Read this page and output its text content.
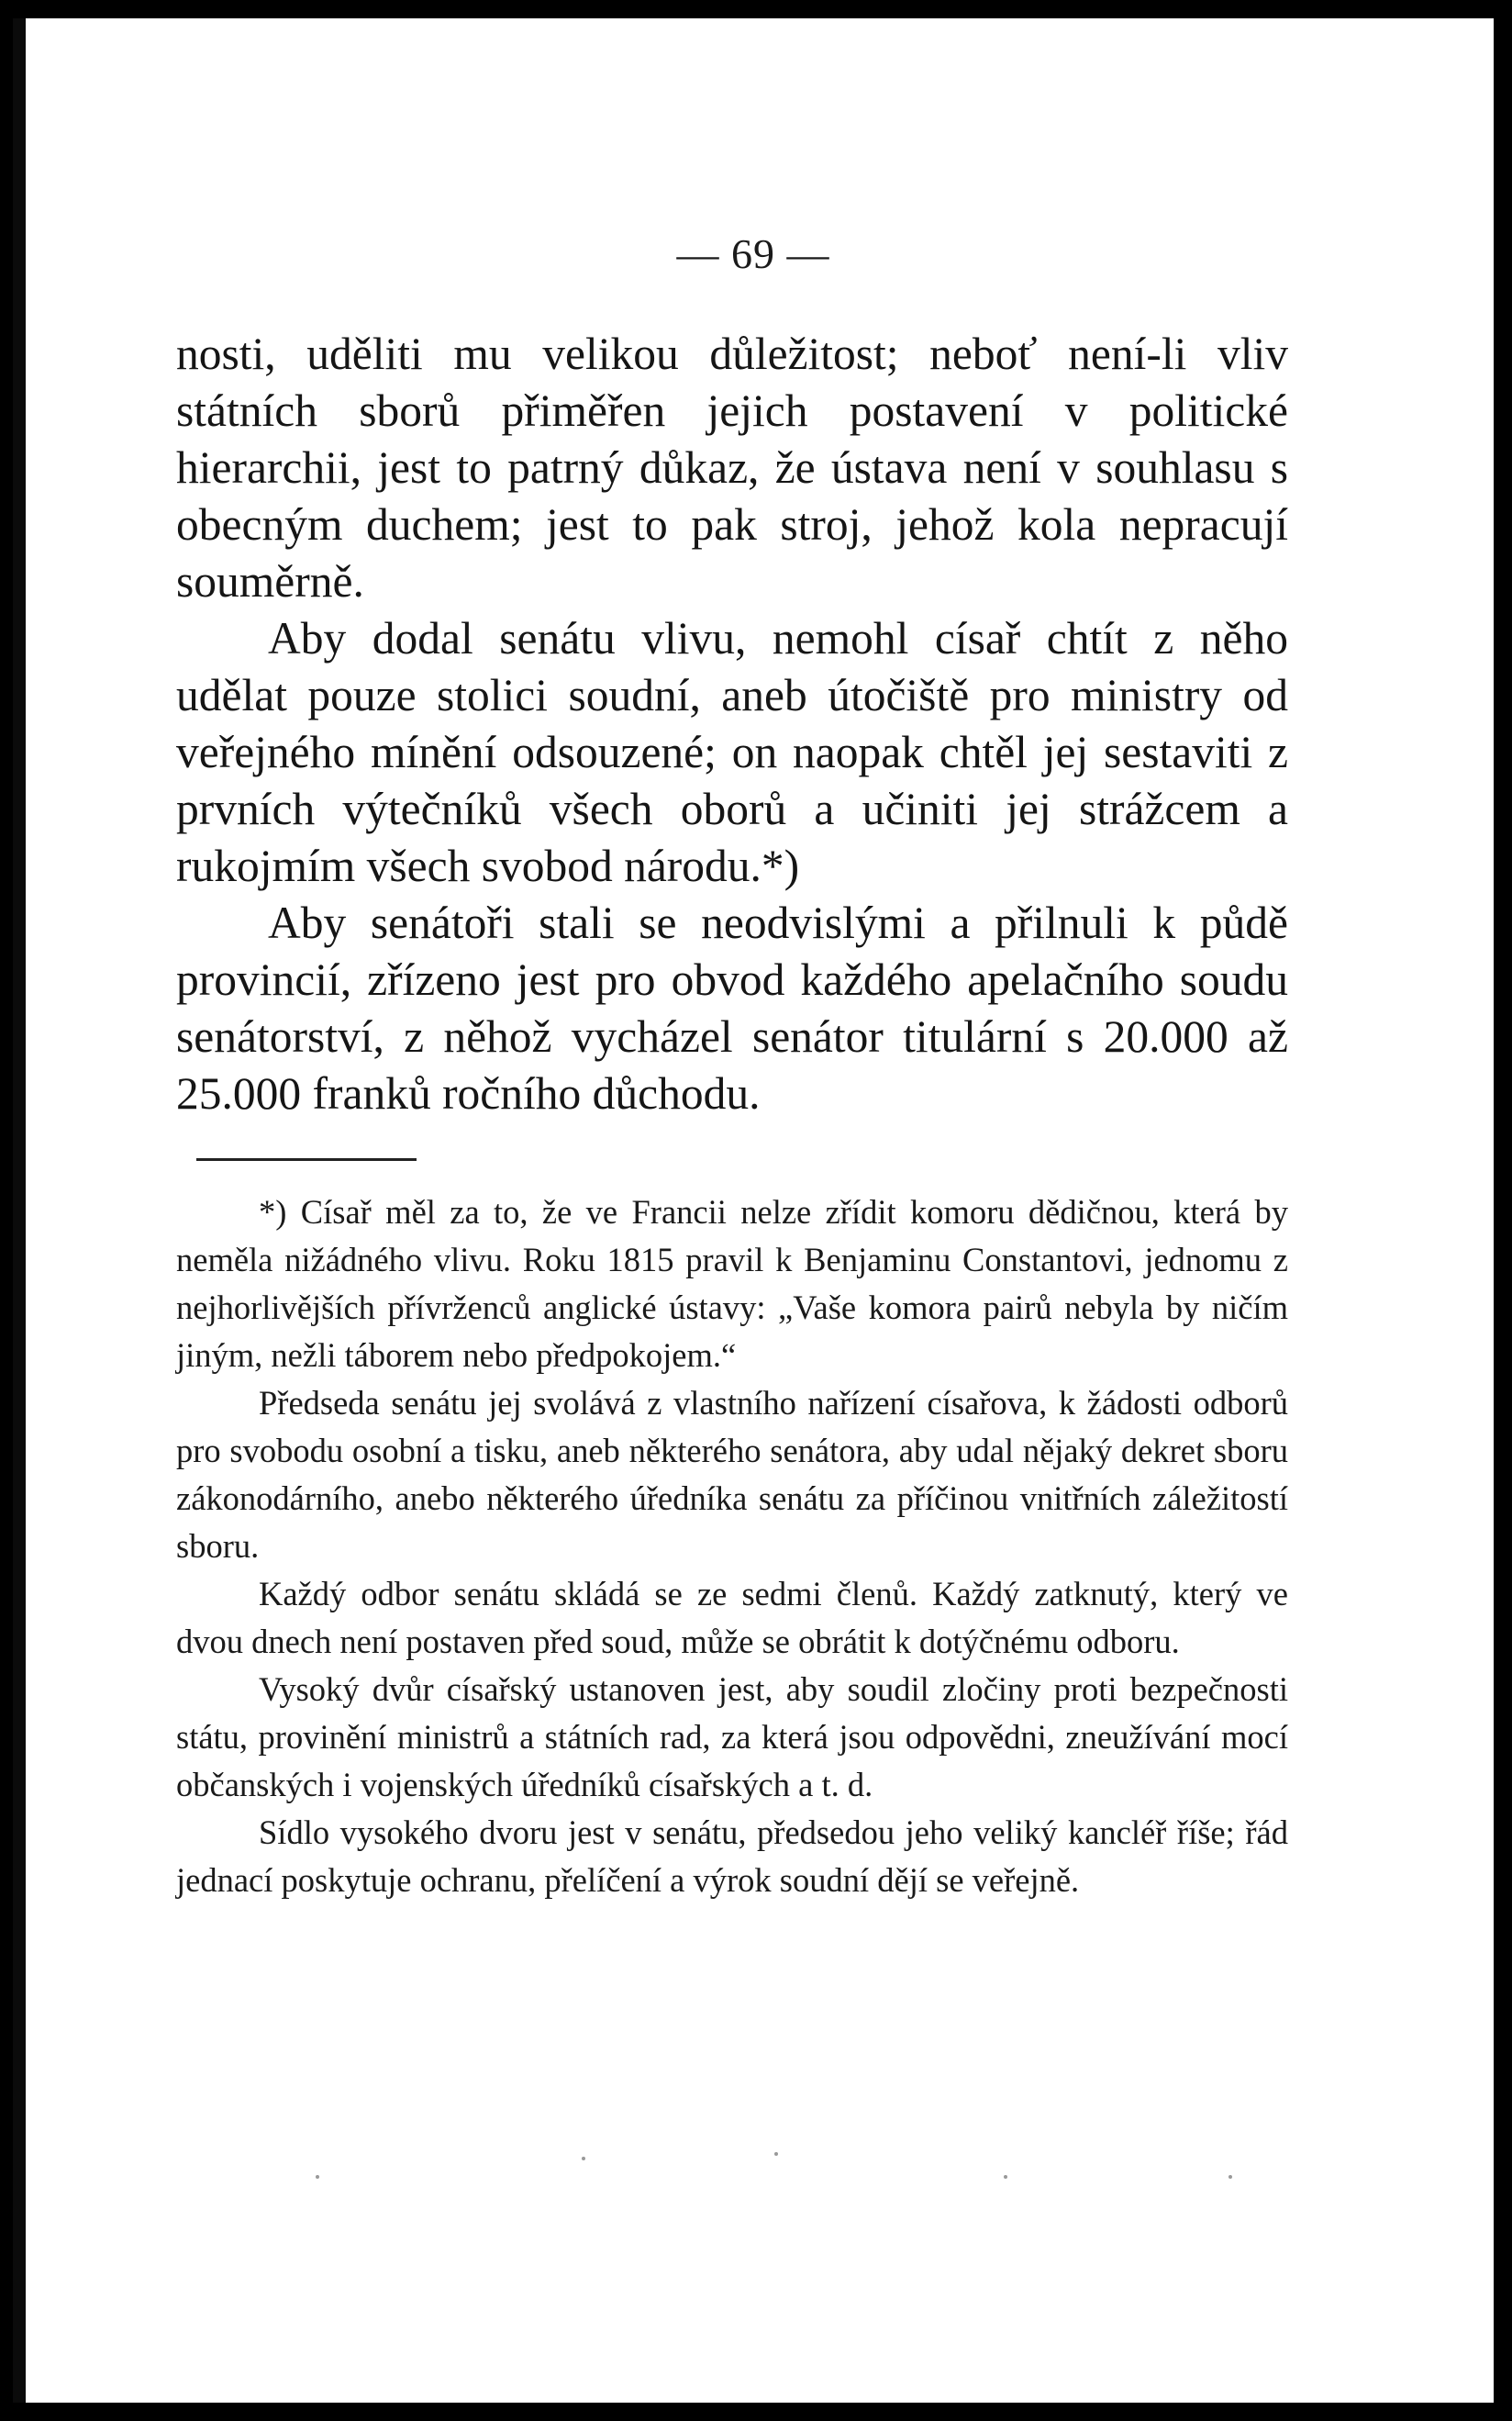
— 69 —

nosti, uděliti mu velikou důležitost; neboť není-li vliv státních sborů přiměřen jejich postavení v politické hierarchii, jest to patrný důkaz, že ústava není v souhlasu s obecným duchem; jest to pak stroj, jehož kola nepracují souměrně.

Aby dodal senátu vlivu, nemohl císař chtít z něho udělat pouze stolici soudní, aneb útočiště pro ministry od veřejného mínění odsouzené; on naopak chtěl jej sestaviti z prvních výtečníků všech oborů a učiniti jej strážcem a rukojmím všech svobod národu.*)

Aby senátoři stali se neodvislými a přilnuli k půdě provincií, zřízeno jest pro obvod každého apelačního soudu senátorství, z něhož vycházel senátor titulární s 20.000 až 25.000 franků ročního důchodu.

*) Císař měl za to, že ve Francii nelze zřídit komoru dědičnou, která by neměla nižádného vlivu. Roku 1815 pravil k Benjaminu Constantovi, jednomu z nejhorlivějších přívrženců anglické ústavy: „Vaše komora pairů nebyla by ničím jiným, nežli táborem nebo předpokojem.“

Předseda senátu jej svolává z vlastního nařízení císařova, k žádosti odborů pro svobodu osobní a tisku, aneb některého senátora, aby udal nějaký dekret sboru zákonodárního, anebo některého úředníka senátu za příčinou vnitřních záležitostí sboru.

Každý odbor senátu skládá se ze sedmi členů. Každý zatknutý, který ve dvou dnech není postaven před soud, může se obrátit k dotýčnému odboru.

Vysoký dvůr císařský ustanoven jest, aby soudil zločiny proti bezpečnosti státu, provinění ministrů a státních rad, za která jsou odpovědni, zneužívání mocí občanských i vojenských úředníků císařských a t. d.

Sídlo vysokého dvoru jest v senátu, předsedou jeho veliký kancléř říše; řád jednací poskytuje ochranu, přelíčení a výrok soudní dějí se veřejně.
